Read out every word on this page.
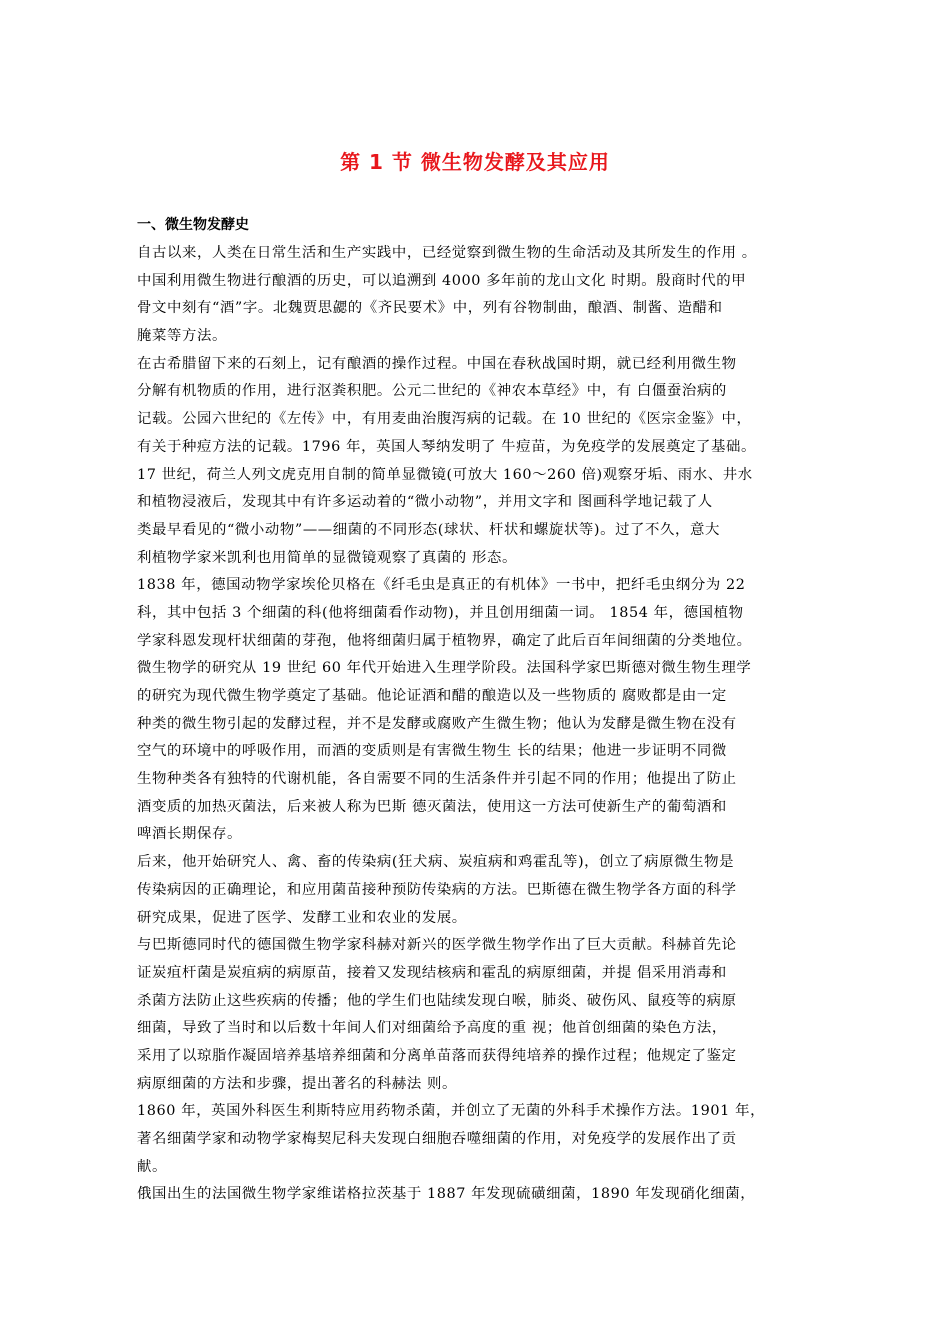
第 1 节 微生物发酵及其应用
一、微生物发酵史
自古以来，人类在日常生活和生产实践中，已经觉察到微生物的生命活动及其所发生的作用 。
中国利用微生物进行酿酒的历史，可以追溯到 4000 多年前的龙山文化 时期。殷商时代的甲
骨文中刻有“酒”字。北魏贾思勰的《齐民要术》中，列有谷物制曲，酿酒、制酱、造醋和
腌菜等方法。
在古希腊留下来的石刻上，记有酿酒的操作过程。中国在春秋战国时期，就已经利用微生物
分解有机物质的作用，进行沤粪积肥。公元二世纪的《神农本草经》中，有 白僵蚕治病的
记载。公园六世纪的《左传》中，有用麦曲治腹泻病的记载。在 10 世纪的《医宗金鉴》中，
有关于种痘方法的记载。1796 年，英国人琴纳发明了 牛痘苗，为免疫学的发展奠定了基础。
17 世纪，荷兰人列文虎克用自制的简单显微镜(可放大 160～260 倍)观察牙垢、雨水、井水
和植物浸液后，发现其中有许多运动着的“微小动物”，并用文字和 图画科学地记载了人
类最早看见的“微小动物”——细菌的不同形态(球状、杆状和螺旋状等)。过了不久，意大
利植物学家米凯利也用简单的显微镜观察了真菌的 形态。
1838 年，德国动物学家埃伦贝格在《纤毛虫是真正的有机体》一书中，把纤毛虫纲分为 22
科，其中包括 3 个细菌的科(他将细菌看作动物)，并且创用细菌一词。 1854 年，德国植物
学家科恩发现杆状细菌的芽孢，他将细菌归属于植物界，确定了此后百年间细菌的分类地位。
微生物学的研究从 19 世纪 60 年代开始进入生理学阶段。法国科学家巴斯德对微生物生理学
的研究为现代微生物学奠定了基础。他论证酒和醋的酿造以及一些物质的 腐败都是由一定
种类的微生物引起的发酵过程，并不是发酵或腐败产生微生物；他认为发酵是微生物在没有
空气的环境中的呼吸作用，而酒的变质则是有害微生物生 长的结果；他进一步证明不同微
生物种类各有独特的代谢机能，各自需要不同的生活条件并引起不同的作用；他提出了防止
酒变质的加热灭菌法，后来被人称为巴斯 德灭菌法，使用这一方法可使新生产的葡萄酒和
啤酒长期保存。
后来，他开始研究人、禽、畜的传染病(狂犬病、炭疽病和鸡霍乱等)，创立了病原微生物是
传染病因的正确理论，和应用菌苗接种预防传染病的方法。巴斯德在微生物学各方面的科学
研究成果，促进了医学、发酵工业和农业的发展。
与巴斯德同时代的德国微生物学家科赫对新兴的医学微生物学作出了巨大贡献。科赫首先论
证炭疽杆菌是炭疽病的病原苗，接着又发现结核病和霍乱的病原细菌，并提 倡采用消毒和
杀菌方法防止这些疾病的传播；他的学生们也陆续发现白喉，肺炎、破伤风、鼠疫等的病原
细菌，导致了当时和以后数十年间人们对细菌给予高度的重 视；他首创细菌的染色方法，
采用了以琼脂作凝固培养基培养细菌和分离单苗落而获得纯培养的操作过程；他规定了鉴定
病原细菌的方法和步骤，提出著名的科赫法 则。
1860 年，英国外科医生利斯特应用药物杀菌，并创立了无菌的外科手术操作方法。1901 年，
著名细菌学家和动物学家梅契尼科夫发现白细胞吞噬细菌的作用，对免疫学的发展作出了贡
献。
俄国出生的法国微生物学家维诺格拉茨基于 1887 年发现硫磺细菌，1890 年发现硝化细菌，
